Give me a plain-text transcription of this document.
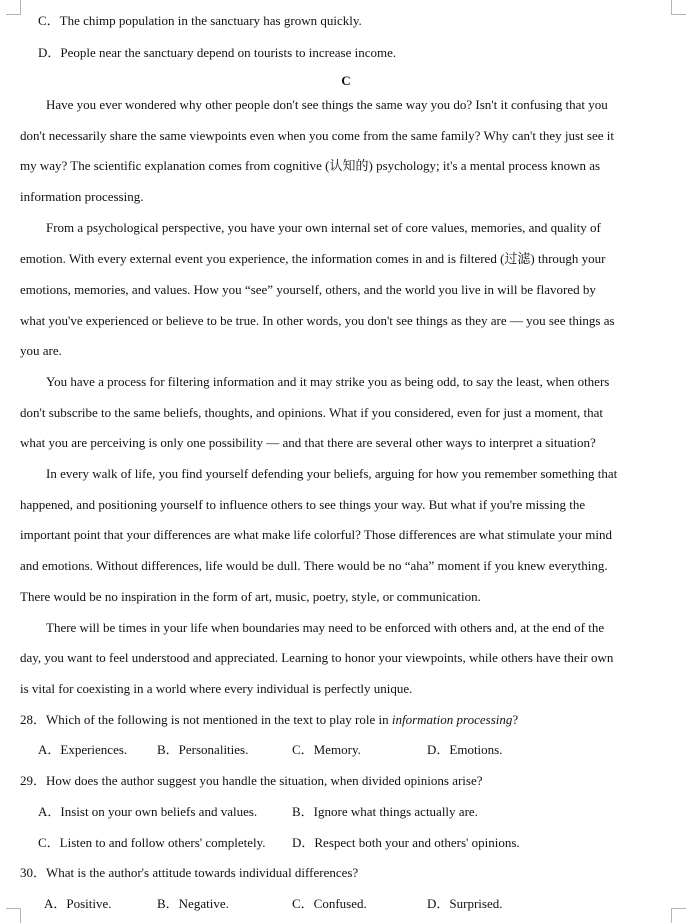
C．The chimp population in the sanctuary has grown quickly.
D．People near the sanctuary depend on tourists to increase income.
C
Have you ever wondered why other people don't see things the same way you do? Isn't it confusing that you
don't necessarily share the same viewpoints even when you come from the same family? Why can't they just see it
my way? The scientific explanation comes from cognitive (认知的) psychology; it's a mental process known as
information processing.
From a psychological perspective, you have your own internal set of core values, memories, and quality of
emotion. With every external event you experience, the information comes in and is filtered (过滤) through your
emotions, memories, and values. How you “see” yourself, others, and the world you live in will be flavored by
what you've experienced or believe to be true. In other words, you don't see things as they are — you see things as
you are.
You have a process for filtering information and it may strike you as being odd, to say the least, when others
don't subscribe to the same beliefs, thoughts, and opinions. What if you considered, even for just a moment, that
what you are perceiving is only one possibility — and that there are several other ways to interpret a situation?
In every walk of life, you find yourself defending your beliefs, arguing for how you remember something that
happened, and positioning yourself to influence others to see things your way. But what if you're missing the
important point that your differences are what make life colorful? Those differences are what stimulate your mind
and emotions. Without differences, life would be dull. There would be no “aha” moment if you knew everything.
There would be no inspiration in the form of art, music, poetry, style, or communication.
There will be times in your life when boundaries may need to be enforced with others and, at the end of the
day, you want to feel understood and appreciated. Learning to honor your viewpoints, while others have their own
is vital for coexisting in a world where every individual is perfectly unique.
28．Which of the following is not mentioned in the text to play role in information processing?
A．Experiences. B．Personalities.	C．Memory.	D．Emotions.
29．How does the author suggest you handle the situation, when divided opinions arise?
A．Insist on your own beliefs and values.	B．Ignore what things actually are.
C．Listen to and follow others' completely. D．Respect both your and others' opinions.
30．What is the author's attitude towards individual differences?
A．Positive.	B．Negative.	C．Confused.	D．Surprised.
